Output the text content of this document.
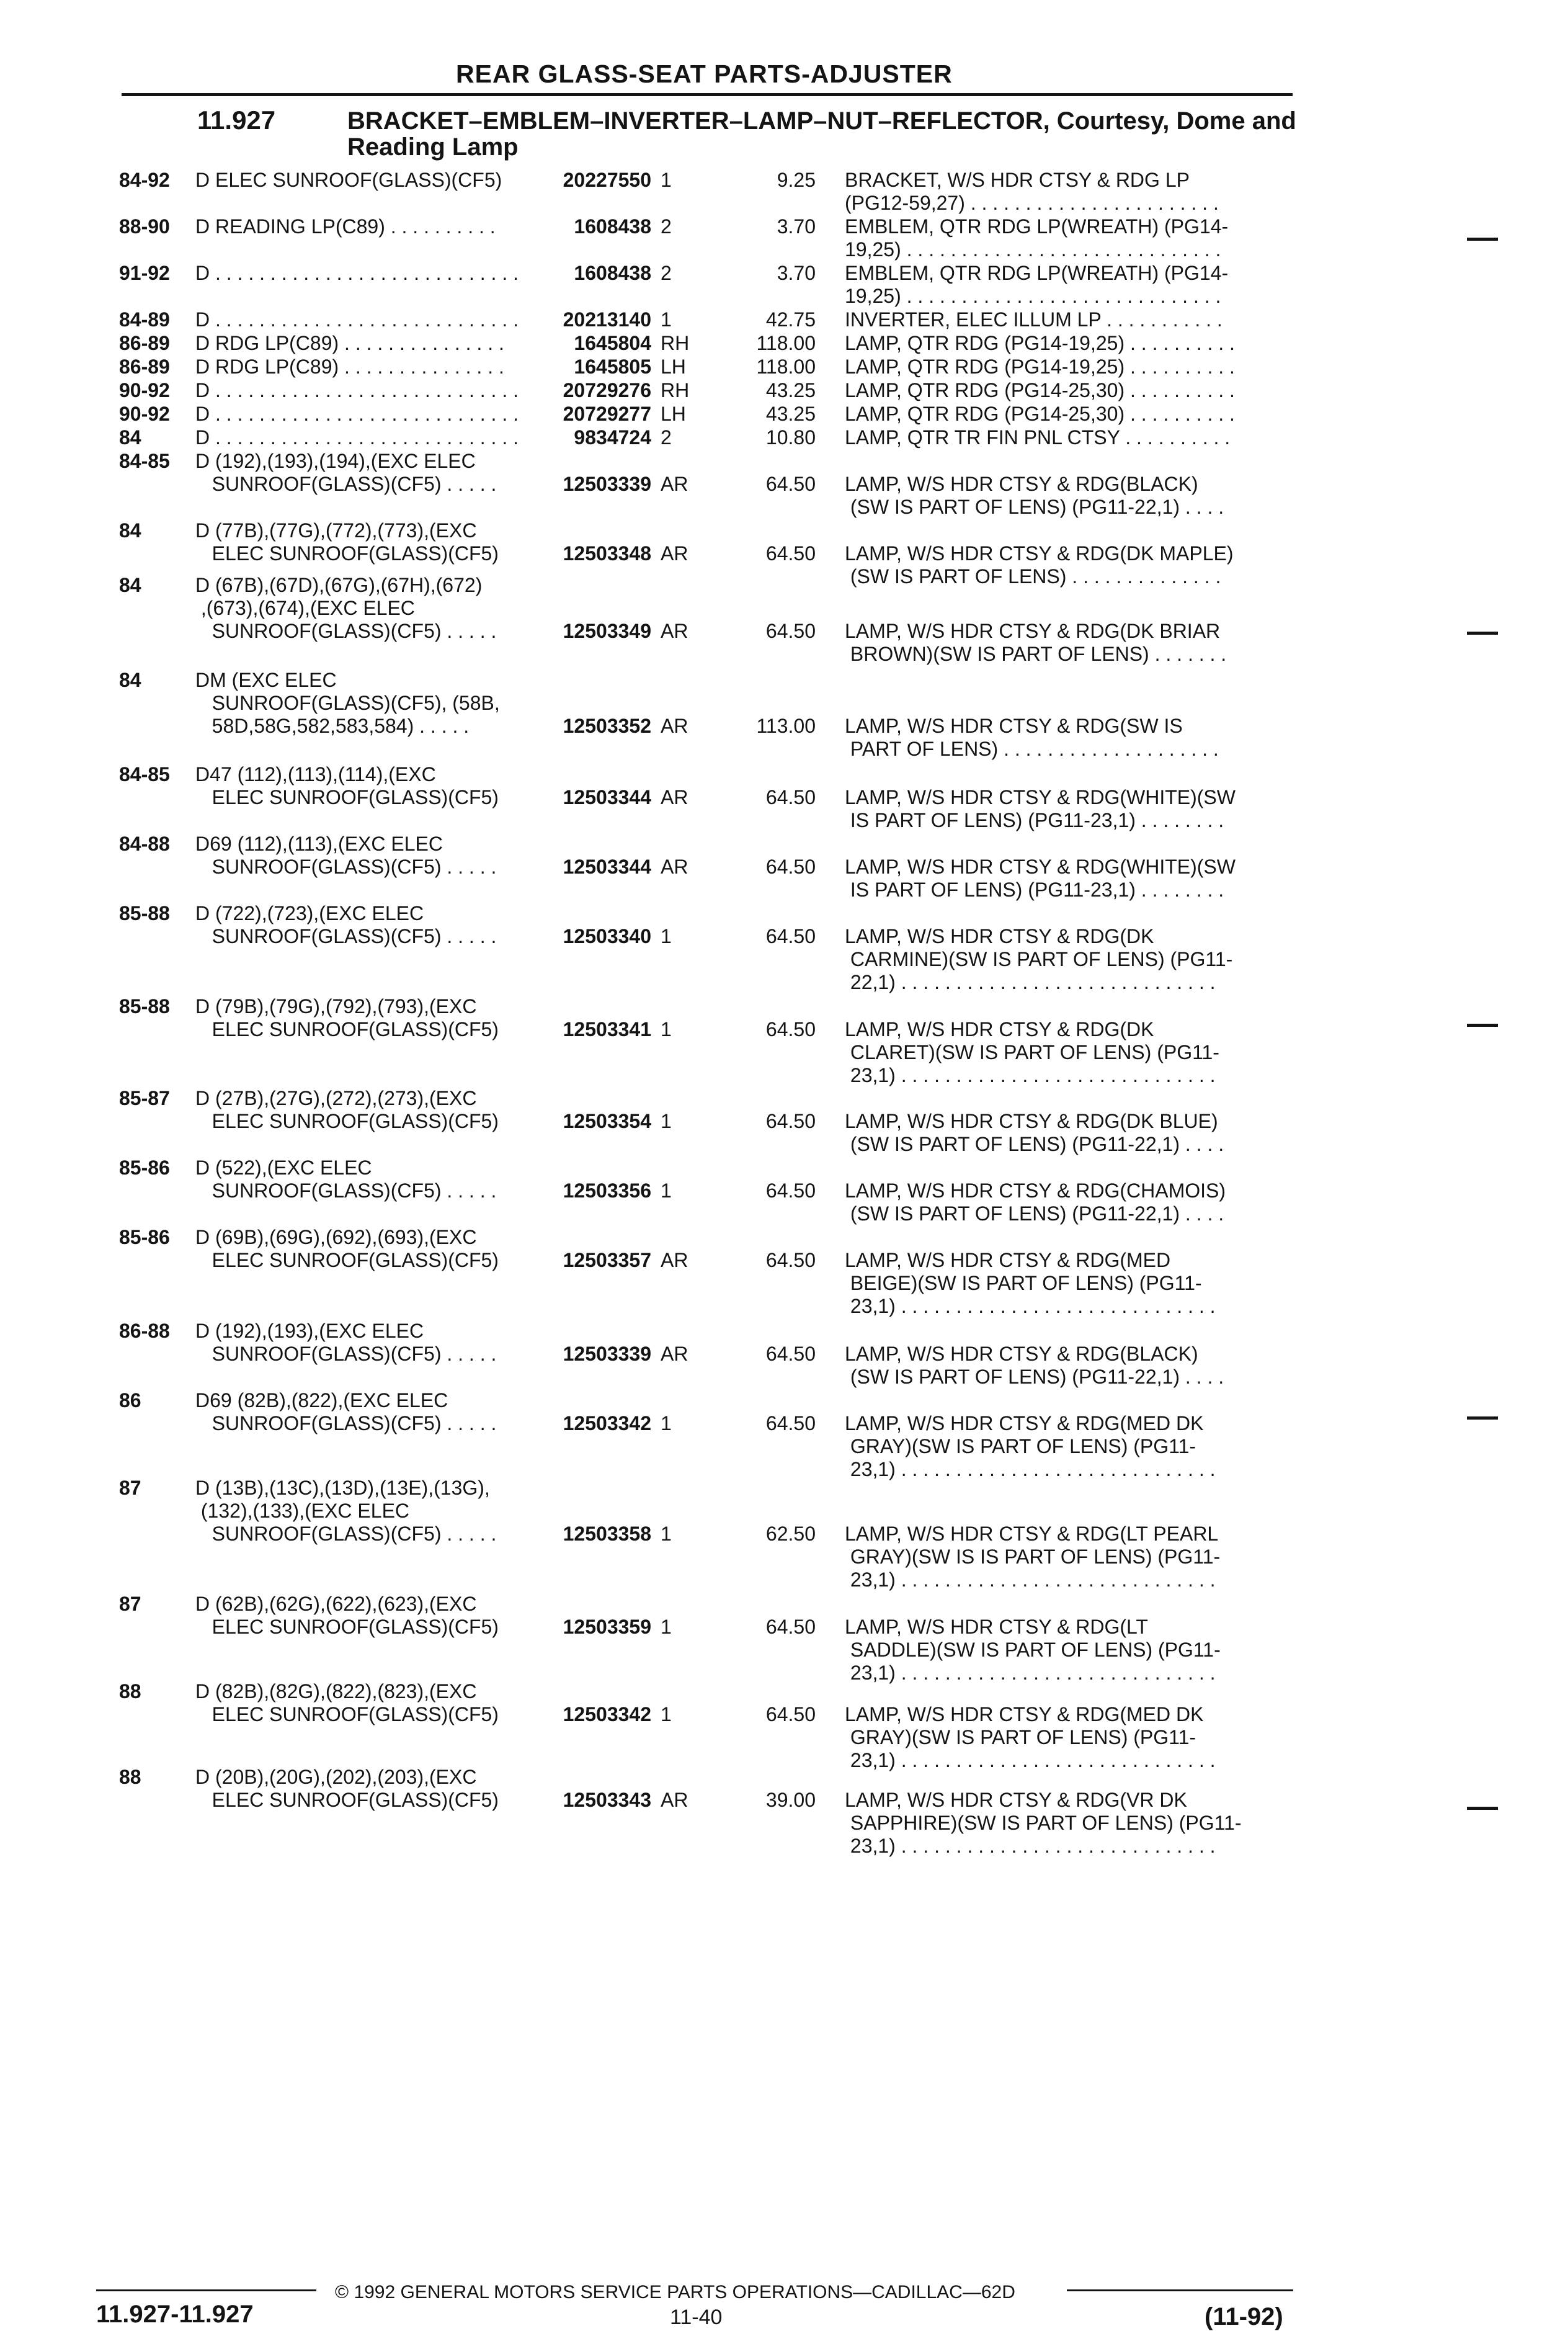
REAR GLASS-SEAT PARTS-ADJUSTER
11.927	BRACKET–EMBLEM–INVERTER–LAMP–NUT–REFLECTOR, Courtesy, Dome and Reading Lamp
84-92	D ELEC SUNROOF(GLASS)(CF5)	20227550 1	9.25 BRACKET, W/S HDR CTSY & RDG LP
(PG12-59,27) . . . . . . . . . . . . . . . . . . . . . . .
88-90	D READING LP(C89) . . . . . . . . . .	1608438 2	3.70 EMBLEM, QTR RDG LP(WREATH) (PG14-
19,25) . . . . . . . . . . . . . . . . . . . . . . . . . . . . .
91-92	D . . . . . . . . . . . . . . . . . . . . . . . . . . . .	1608438 2	3.70 EMBLEM, QTR RDG LP(WREATH) (PG14-
19,25) . . . . . . . . . . . . . . . . . . . . . . . . . . . . .
84-89	D . . . . . . . . . . . . . . . . . . . . . . . . . . . .	20213140 1	42.75 INVERTER, ELEC ILLUM LP . . . . . . . . . . .
86-89	D RDG LP(C89) . . . . . . . . . . . . . . .	1645804 RH	118.00 LAMP, QTR RDG (PG14-19,25) . . . . . . . . . .
86-89	D RDG LP(C89) . . . . . . . . . . . . . . .	1645805 LH	118.00 LAMP, QTR RDG (PG14-19,25) . . . . . . . . . .
90-92	D . . . . . . . . . . . . . . . . . . . . . . . . . . . .	20729276 RH	43.25 LAMP, QTR RDG (PG14-25,30) . . . . . . . . . .
90-92	D . . . . . . . . . . . . . . . . . . . . . . . . . . . .	20729277 LH	43.25 LAMP, QTR RDG (PG14-25,30) . . . . . . . . . .
84	D . . . . . . . . . . . . . . . . . . . . . . . . . . . .	9834724 2	10.80 LAMP, QTR TR FIN PNL CTSY . . . . . . . . . .
84-85	D (192),(193),(194),(EXC ELEC
SUNROOF(GLASS)(CF5) . . . . .	12503339 AR	64.50 LAMP, W/S HDR CTSY & RDG(BLACK)
(SW IS PART OF LENS) (PG11-22,1) . . . .
84	D (77B),(77G),(772),(773),(EXC
ELEC SUNROOF(GLASS)(CF5)	12503348 AR	64.50 LAMP, W/S HDR CTSY & RDG(DK MAPLE)
(SW IS PART OF LENS) . . . . . . . . . . . . . .
84	D (67B),(67D),(67G),(67H),(672)
,(673),(674),(EXC ELEC
SUNROOF(GLASS)(CF5) . . . . .	12503349 AR	64.50 LAMP, W/S HDR CTSY & RDG(DK BRIAR
BROWN)(SW IS PART OF LENS) . . . . . . .
84	DM (EXC ELEC
SUNROOF(GLASS)(CF5), (58B,
58D,58G,582,583,584) . . . . .	12503352 AR	113.00 LAMP, W/S HDR CTSY & RDG(SW IS
PART OF LENS) . . . . . . . . . . . . . . . . . . . .
84-85	D47 (112),(113),(114),(EXC
ELEC SUNROOF(GLASS)(CF5)	12503344 AR	64.50 LAMP, W/S HDR CTSY & RDG(WHITE)(SW
IS PART OF LENS) (PG11-23,1) . . . . . . . .
84-88	D69 (112),(113),(EXC ELEC
SUNROOF(GLASS)(CF5) . . . . .	12503344 AR	64.50 LAMP, W/S HDR CTSY & RDG(WHITE)(SW
IS PART OF LENS) (PG11-23,1) . . . . . . . .
85-88	D (722),(723),(EXC ELEC
SUNROOF(GLASS)(CF5) . . . . .	12503340 1	64.50 LAMP, W/S HDR CTSY & RDG(DK
CARMINE)(SW IS PART OF LENS) (PG11-
22,1) . . . . . . . . . . . . . . . . . . . . . . . . . . . . .
85-88	D (79B),(79G),(792),(793),(EXC
ELEC SUNROOF(GLASS)(CF5)	12503341 1	64.50 LAMP, W/S HDR CTSY & RDG(DK
CLARET)(SW IS PART OF LENS) (PG11-
23,1) . . . . . . . . . . . . . . . . . . . . . . . . . . . . .
85-87	D (27B),(27G),(272),(273),(EXC
ELEC SUNROOF(GLASS)(CF5)	12503354 1	64.50 LAMP, W/S HDR CTSY & RDG(DK BLUE)
(SW IS PART OF LENS) (PG11-22,1) . . . .
85-86	D (522),(EXC ELEC
SUNROOF(GLASS)(CF5) . . . . .	12503356 1	64.50 LAMP, W/S HDR CTSY & RDG(CHAMOIS)
(SW IS PART OF LENS) (PG11-22,1) . . . .
85-86	D (69B),(69G),(692),(693),(EXC
ELEC SUNROOF(GLASS)(CF5)	12503357 AR	64.50 LAMP, W/S HDR CTSY & RDG(MED
BEIGE)(SW IS PART OF LENS) (PG11-
23,1) . . . . . . . . . . . . . . . . . . . . . . . . . . . . .
86-88	D (192),(193),(EXC ELEC
SUNROOF(GLASS)(CF5) . . . . .	12503339 AR	64.50 LAMP, W/S HDR CTSY & RDG(BLACK)
(SW IS PART OF LENS) (PG11-22,1) . . . .
86	D69 (82B),(822),(EXC ELEC
SUNROOF(GLASS)(CF5) . . . . .	12503342 1	64.50 LAMP, W/S HDR CTSY & RDG(MED DK
GRAY)(SW IS PART OF LENS) (PG11-
23,1) . . . . . . . . . . . . . . . . . . . . . . . . . . . . .
87	D (13B),(13C),(13D),(13E),(13G),
(132),(133),(EXC ELEC
SUNROOF(GLASS)(CF5) . . . . .	12503358 1	62.50 LAMP, W/S HDR CTSY & RDG(LT PEARL
GRAY)(SW IS IS PART OF LENS) (PG11-
23,1) . . . . . . . . . . . . . . . . . . . . . . . . . . . . .
87	D (62B),(62G),(622),(623),(EXC
ELEC SUNROOF(GLASS)(CF5)	12503359 1	64.50 LAMP, W/S HDR CTSY & RDG(LT
SADDLE)(SW IS PART OF LENS) (PG11-
23,1) . . . . . . . . . . . . . . . . . . . . . . . . . . . . .
88	D (82B),(82G),(822),(823),(EXC
ELEC SUNROOF(GLASS)(CF5)	12503342 1	64.50 LAMP, W/S HDR CTSY & RDG(MED DK
GRAY)(SW IS PART OF LENS) (PG11-
23,1) . . . . . . . . . . . . . . . . . . . . . . . . . . . . .
88	D (20B),(20G),(202),(203),(EXC
ELEC SUNROOF(GLASS)(CF5)	12503343 AR	39.00 LAMP, W/S HDR CTSY & RDG(VR DK
SAPPHIRE)(SW IS PART OF LENS) (PG11-
23,1) . . . . . . . . . . . . . . . . . . . . . . . . . . . . .
© 1992 GENERAL MOTORS SERVICE PARTS OPERATIONS—CADILLAC—62D
11.927-11.927	11-40	(11-92)
